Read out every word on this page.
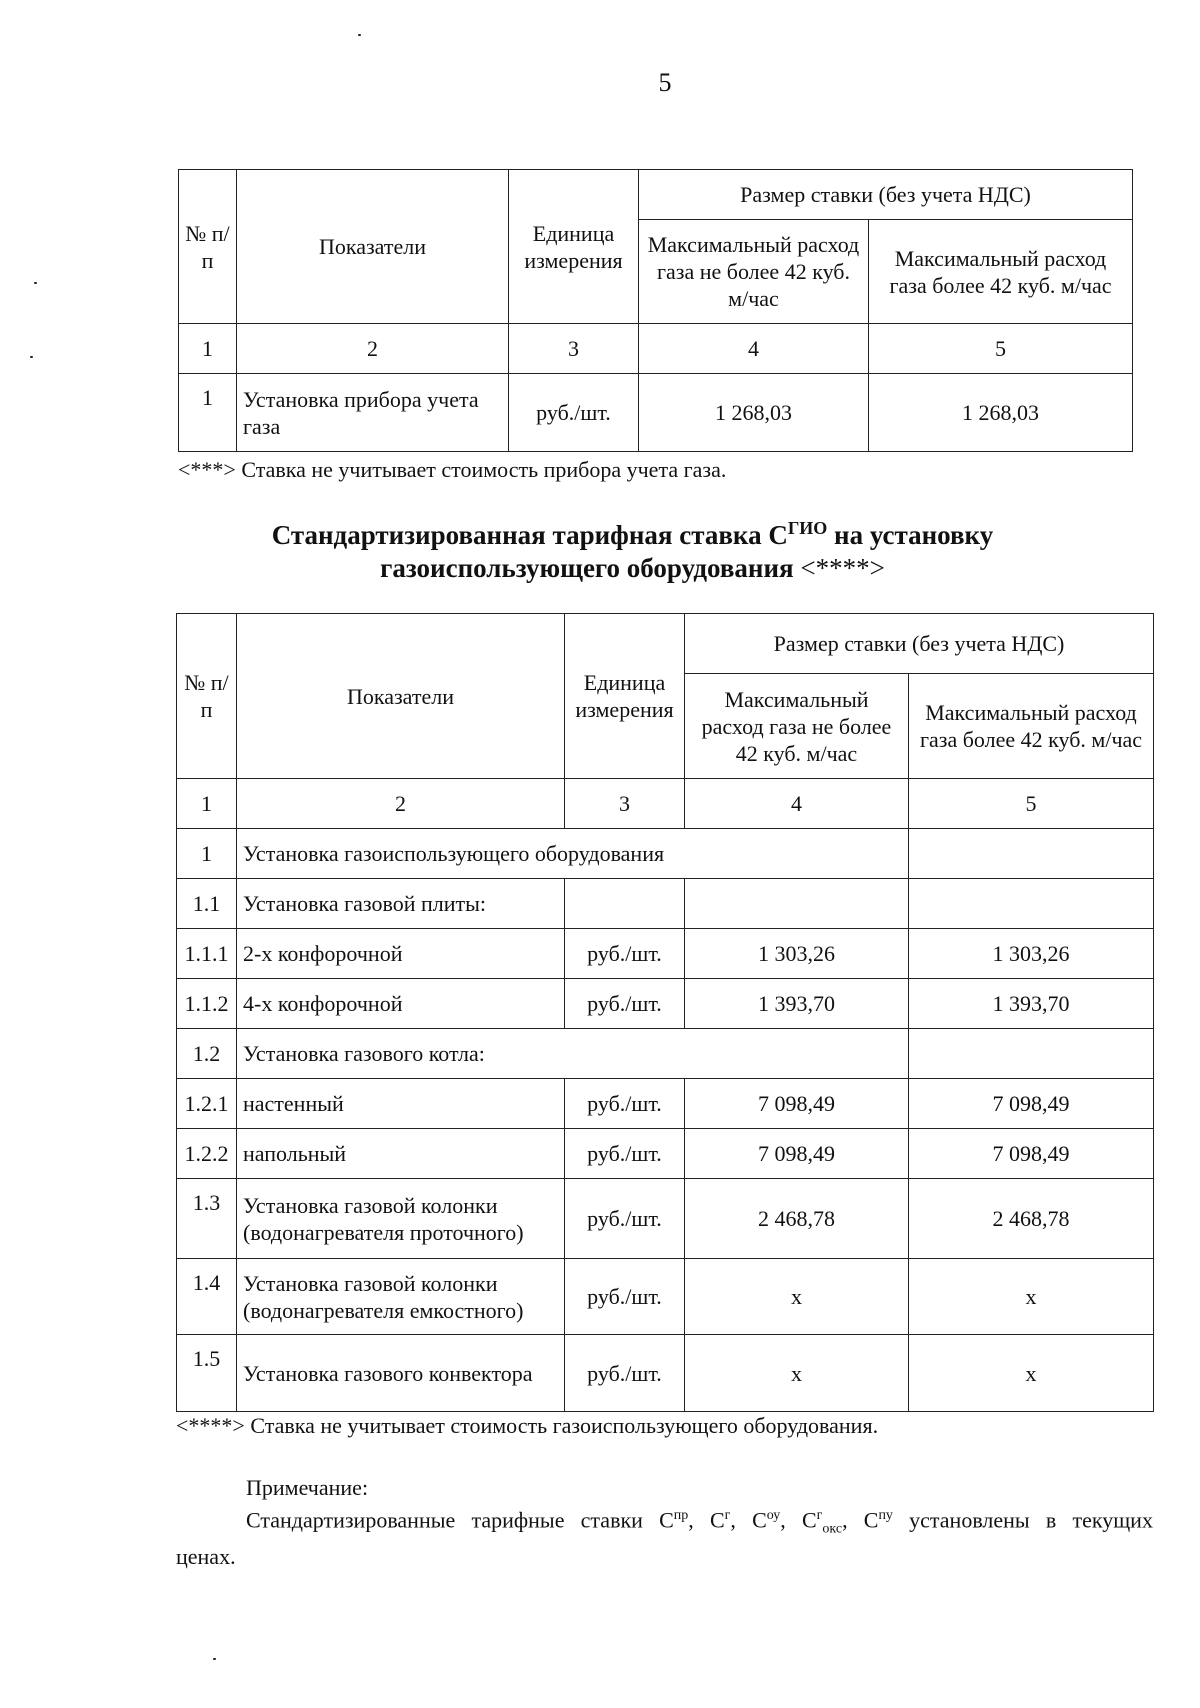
5
№ п/п	Показатели	Единица измерения	Размер ставки (без учета НДС)	
			Максимальный расход газа не более 42 куб. м/час	Максимальный расход газа более 42 куб. м/час
1	2	3	4	5
1	Установка прибора учета газа	руб./шт.	1 268,03	1 268,03
<***> Ставка не учитывает стоимость прибора учета газа.
Стандартизированная тарифная ставка $С^{ГИО}$ на установку
газоиспользующего оборудования <****>
№ п/п	Показатели	Единица измерения	Размер ставки (без учета НДС)	
			Максимальный расход газа не более 42 куб. м/час	Максимальный расход газа более 42 куб. м/час
1	2	3	4	5
1	Установка газоиспользующего оборудования			
1.1	Установка газовой плиты:			
1.1.1	2-х конфорочной	руб./шт.	1 303,26	1 303,26
1.1.2	4-х конфорочной	руб./шт.	1 393,70	1 393,70
1.2	Установка газового котла:			
1.2.1	настенный	руб./шт.	7 098,49	7 098,49
1.2.2	напольный	руб./шт.	7 098,49	7 098,49
1.3	Установка газовой колонки (водонагревателя проточного)	руб./шт.	2 468,78	2 468,78
1.4	Установка газовой колонки (водонагревателя емкостного)	руб./шт.	х	х
1.5	Установка газового конвектора	руб./шт.	х	х
<****> Ставка не учитывает стоимость газоиспользующего оборудования.
Примечание:
Стандартизированные тарифные ставки $С^{пр}$, $С^г$, $С^{оу}$, $С^г_{окс}$, $С^{пу}$ установлены в текущих
ценах.
